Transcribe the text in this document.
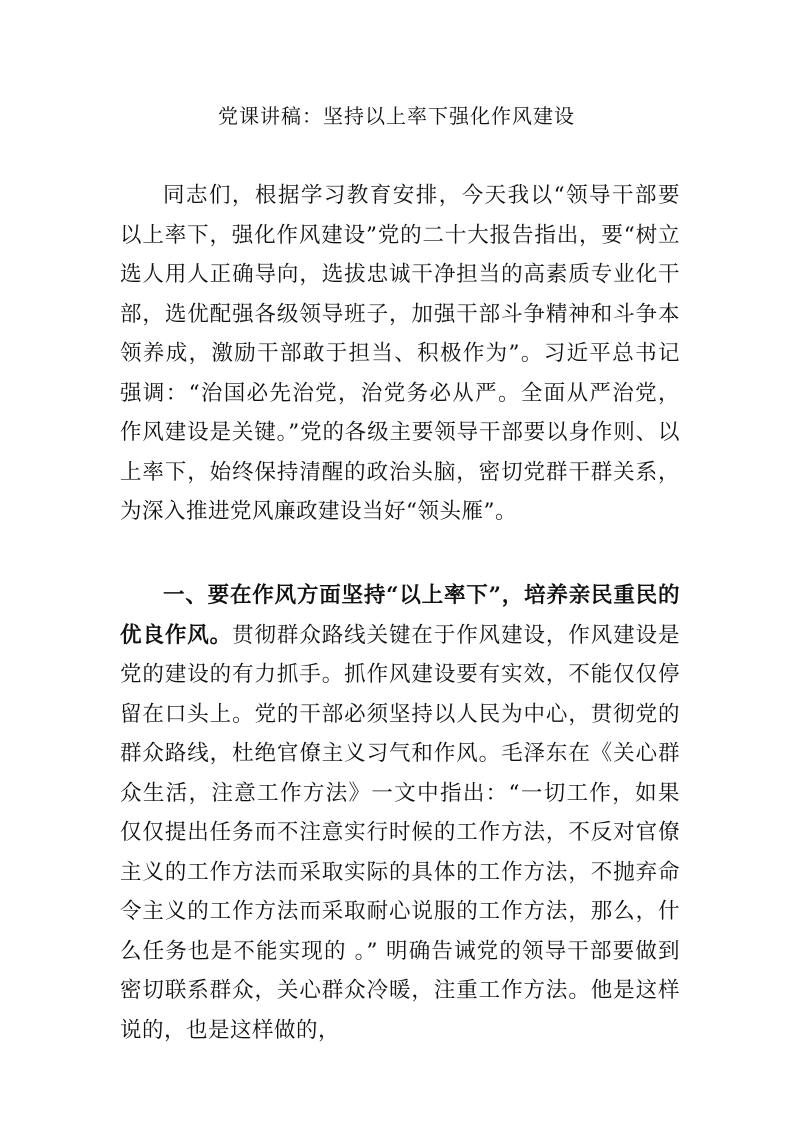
党课讲稿：坚持以上率下强化作风建设

同志们，根据学习教育安排，今天我以“领导干部要以上率下，强化作风建设”党的二十大报告指出，要“树立选人用人正确导向，选拔忠诚干净担当的高素质专业化干部，选优配强各级领导班子，加强干部斗争精神和斗争本领养成，激励干部敢于担当、积极作为”。习近平总书记强调：“治国必先治党，治党务必从严。全面从严治党，作风建设是关键。”党的各级主要领导干部要以身作则、以上率下，始终保持清醒的政治头脑，密切党群干群关系，为深入推进党风廉政建设当好“领头雁”。

一、要在作风方面坚持“以上率下”，培养亲民重民的优良作风。贯彻群众路线关键在于作风建设，作风建设是党的建设的有力抓手。抓作风建设要有实效，不能仅仅停留在口头上。党的干部必须坚持以人民为中心，贯彻党的群众路线，杜绝官僚主义习气和作风。毛泽东在《关心群众生活，注意工作方法》一文中指出：“一切工作，如果仅仅提出任务而不注意实行时候的工作方法，不反对官僚主义的工作方法而采取实际的具体的工作方法，不抛弃命令主义的工作方法而采取耐心说服的工作方法，那么，什么任务也是不能实现的 。” 明确告诫党的领导干部要做到密切联系群众，关心群众冷暖，注重工作方法。他是这样说的，也是这样做的，
